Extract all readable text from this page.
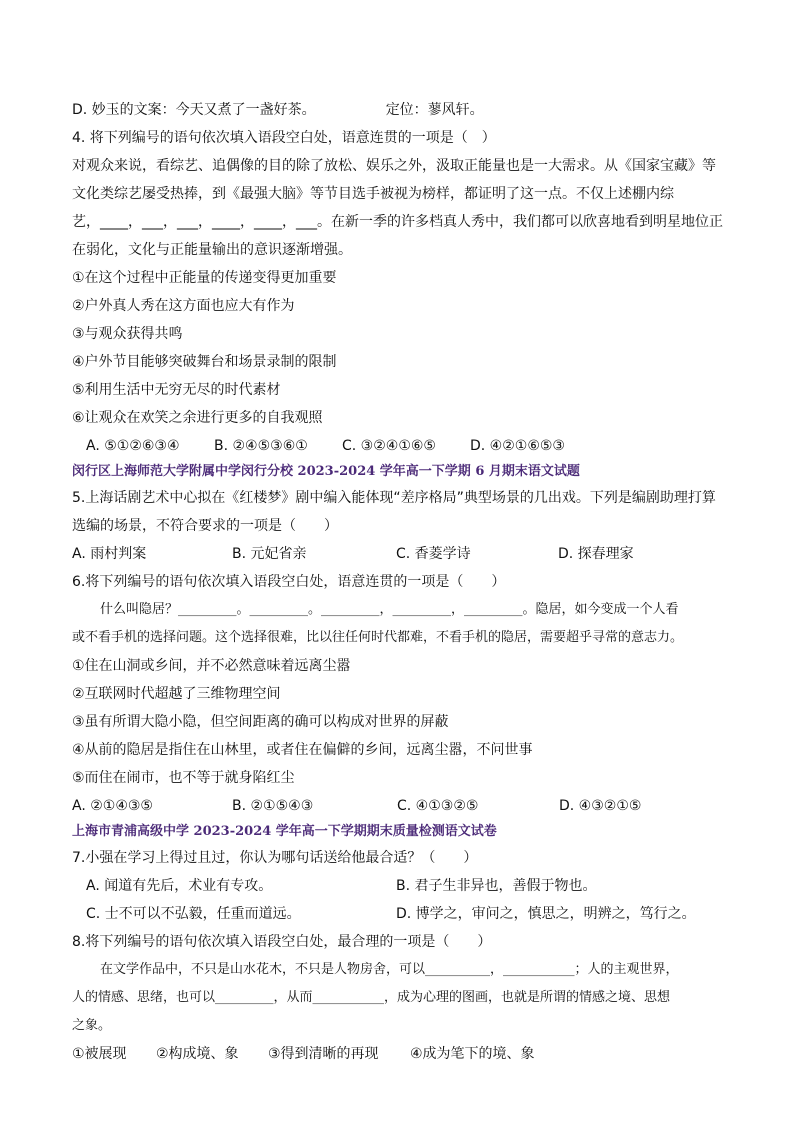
D. 妙玉的文案：今天又煮了一盏好茶。	定位：蓼风轩。

4. 将下列编号的语句依次填入语段空白处，语意连贯的一项是（　）

对观众来说，看综艺、追偶像的目的除了放松、娱乐之外，汲取正能量也是一大需求。从《国家宝藏》等

文化类综艺屡受热捧，到《最强大脑》等节目选手被视为榜样，都证明了这一点。不仅上述棚内综

艺，____，___，___，____，____，___。在新一季的许多档真人秀中，我们都可以欣喜地看到明星地位正

在弱化，文化与正能量输出的意识逐渐增强。

①在这个过程中正能量的传递变得更加重要

②户外真人秀在这方面也应大有作为

③与观众获得共鸣

④户外节目能够突破舞台和场景录制的限制

⑤利用生活中无穷无尽的时代素材

⑥让观众在欢笑之余进行更多的自我观照

A. ⑤①②⑥③④	B. ②④⑤③⑥①	C. ③②④①⑥⑤	D. ④②①⑥⑤③

闵行区上海师范大学附属中学闵行分校 2023-2024 学年高一下学期 6 月期末语文试题

5.上海话剧艺术中心拟在《红楼梦》剧中编入能体现“差序格局”典型场景的几出戏。下列是编剧助理打算

选编的场景，不符合要求的一项是（　　）

A. 雨村判案	B. 元妃省亲	C. 香菱学诗	D. 探春理家

6.将下列编号的语句依次填入语段空白处，语意连贯的一项是（　　）

什么叫隐居？_________。_________。_________，_________，_________。隐居，如今变成一个人看

或不看手机的选择问题。这个选择很难，比以往任何时代都难，不看手机的隐居，需要超乎寻常的意志力。

①住在山洞或乡间，并不必然意味着远离尘嚣

②互联网时代超越了三维物理空间

③虽有所谓大隐小隐，但空间距离的确可以构成对世界的屏蔽

④从前的隐居是指住在山林里，或者住在偏僻的乡间，远离尘嚣，不问世事

⑤而住在闹市，也不等于就身陷红尘

A. ②①④③⑤	B. ②①⑤④③	C. ④①③②⑤	D. ④③②①⑤

上海市青浦高级中学 2023-2024 学年高一下学期期末质量检测语文试卷

7.小强在学习上得过且过，你认为哪句话送给他最合适？（　　）

A. 闻道有先后，术业有专攻。	B. 君子生非异也，善假于物也。
C. 士不可以不弘毅，任重而道远。	D. 博学之，审问之，慎思之，明辨之，笃行之。

8.将下列编号的语句依次填入语段空白处，最合理的一项是（　　）

在文学作品中，不只是山水花木，不只是人物房舍，可以__________，___________；人的主观世界，

人的情感、思绪，也可以_________，从而___________，成为心理的图画，也就是所谓的情感之境、思想

之象。

①被展现	②构成境、象	③得到清晰的再现	④成为笔下的境、象
